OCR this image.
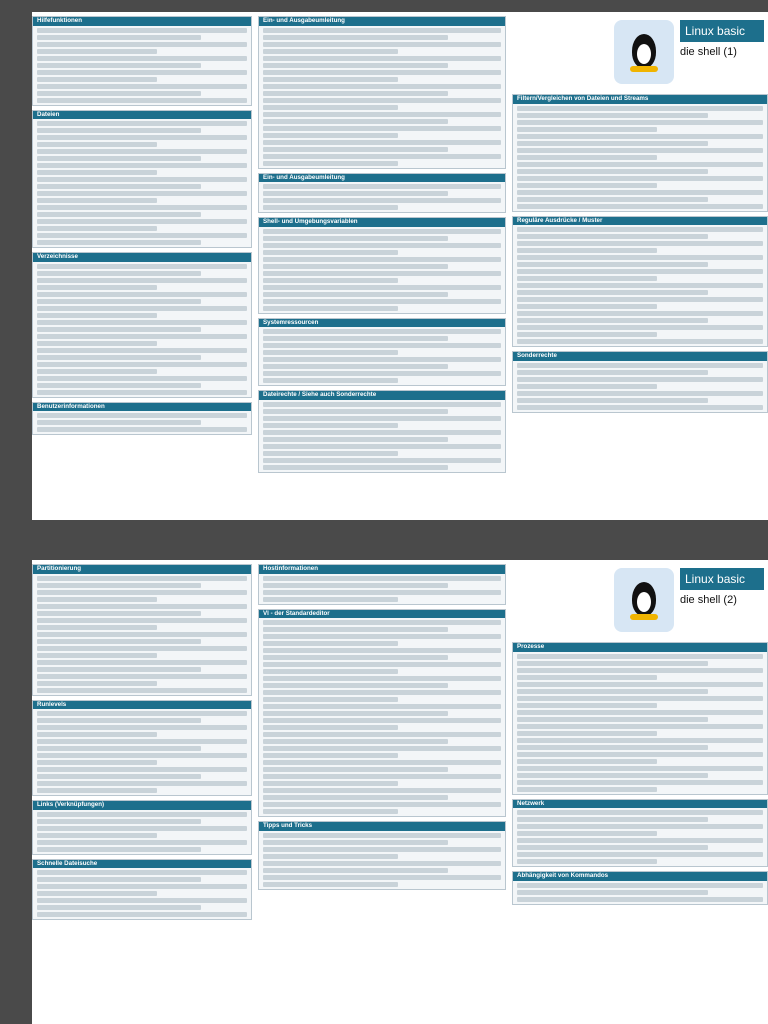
Hilfefunktionen
Dateien
Verzeichnisse
Benutzerinformationen
Ein- und Ausgabeumleitung
Ein- und Ausgabeumleitung
Shell- und Umgebungsvariablen
Systemressourcen
Dateirechte / Siehe auch Sonderrechte
Linux basic
die shell (1)
Filtern/Vergleichen von Dateien und Streams
Reguläre Ausdrücke / Muster
Sonderrechte
Partitionierung
Runlevels
Links (Verknüpfungen)
Schnelle Dateisuche
Hostinformationen
VI - der Standardeditor
Tipps und Tricks
Linux basic
die shell (2)
Prozesse
Netzwerk
Abhängigkeit von Kommandos
